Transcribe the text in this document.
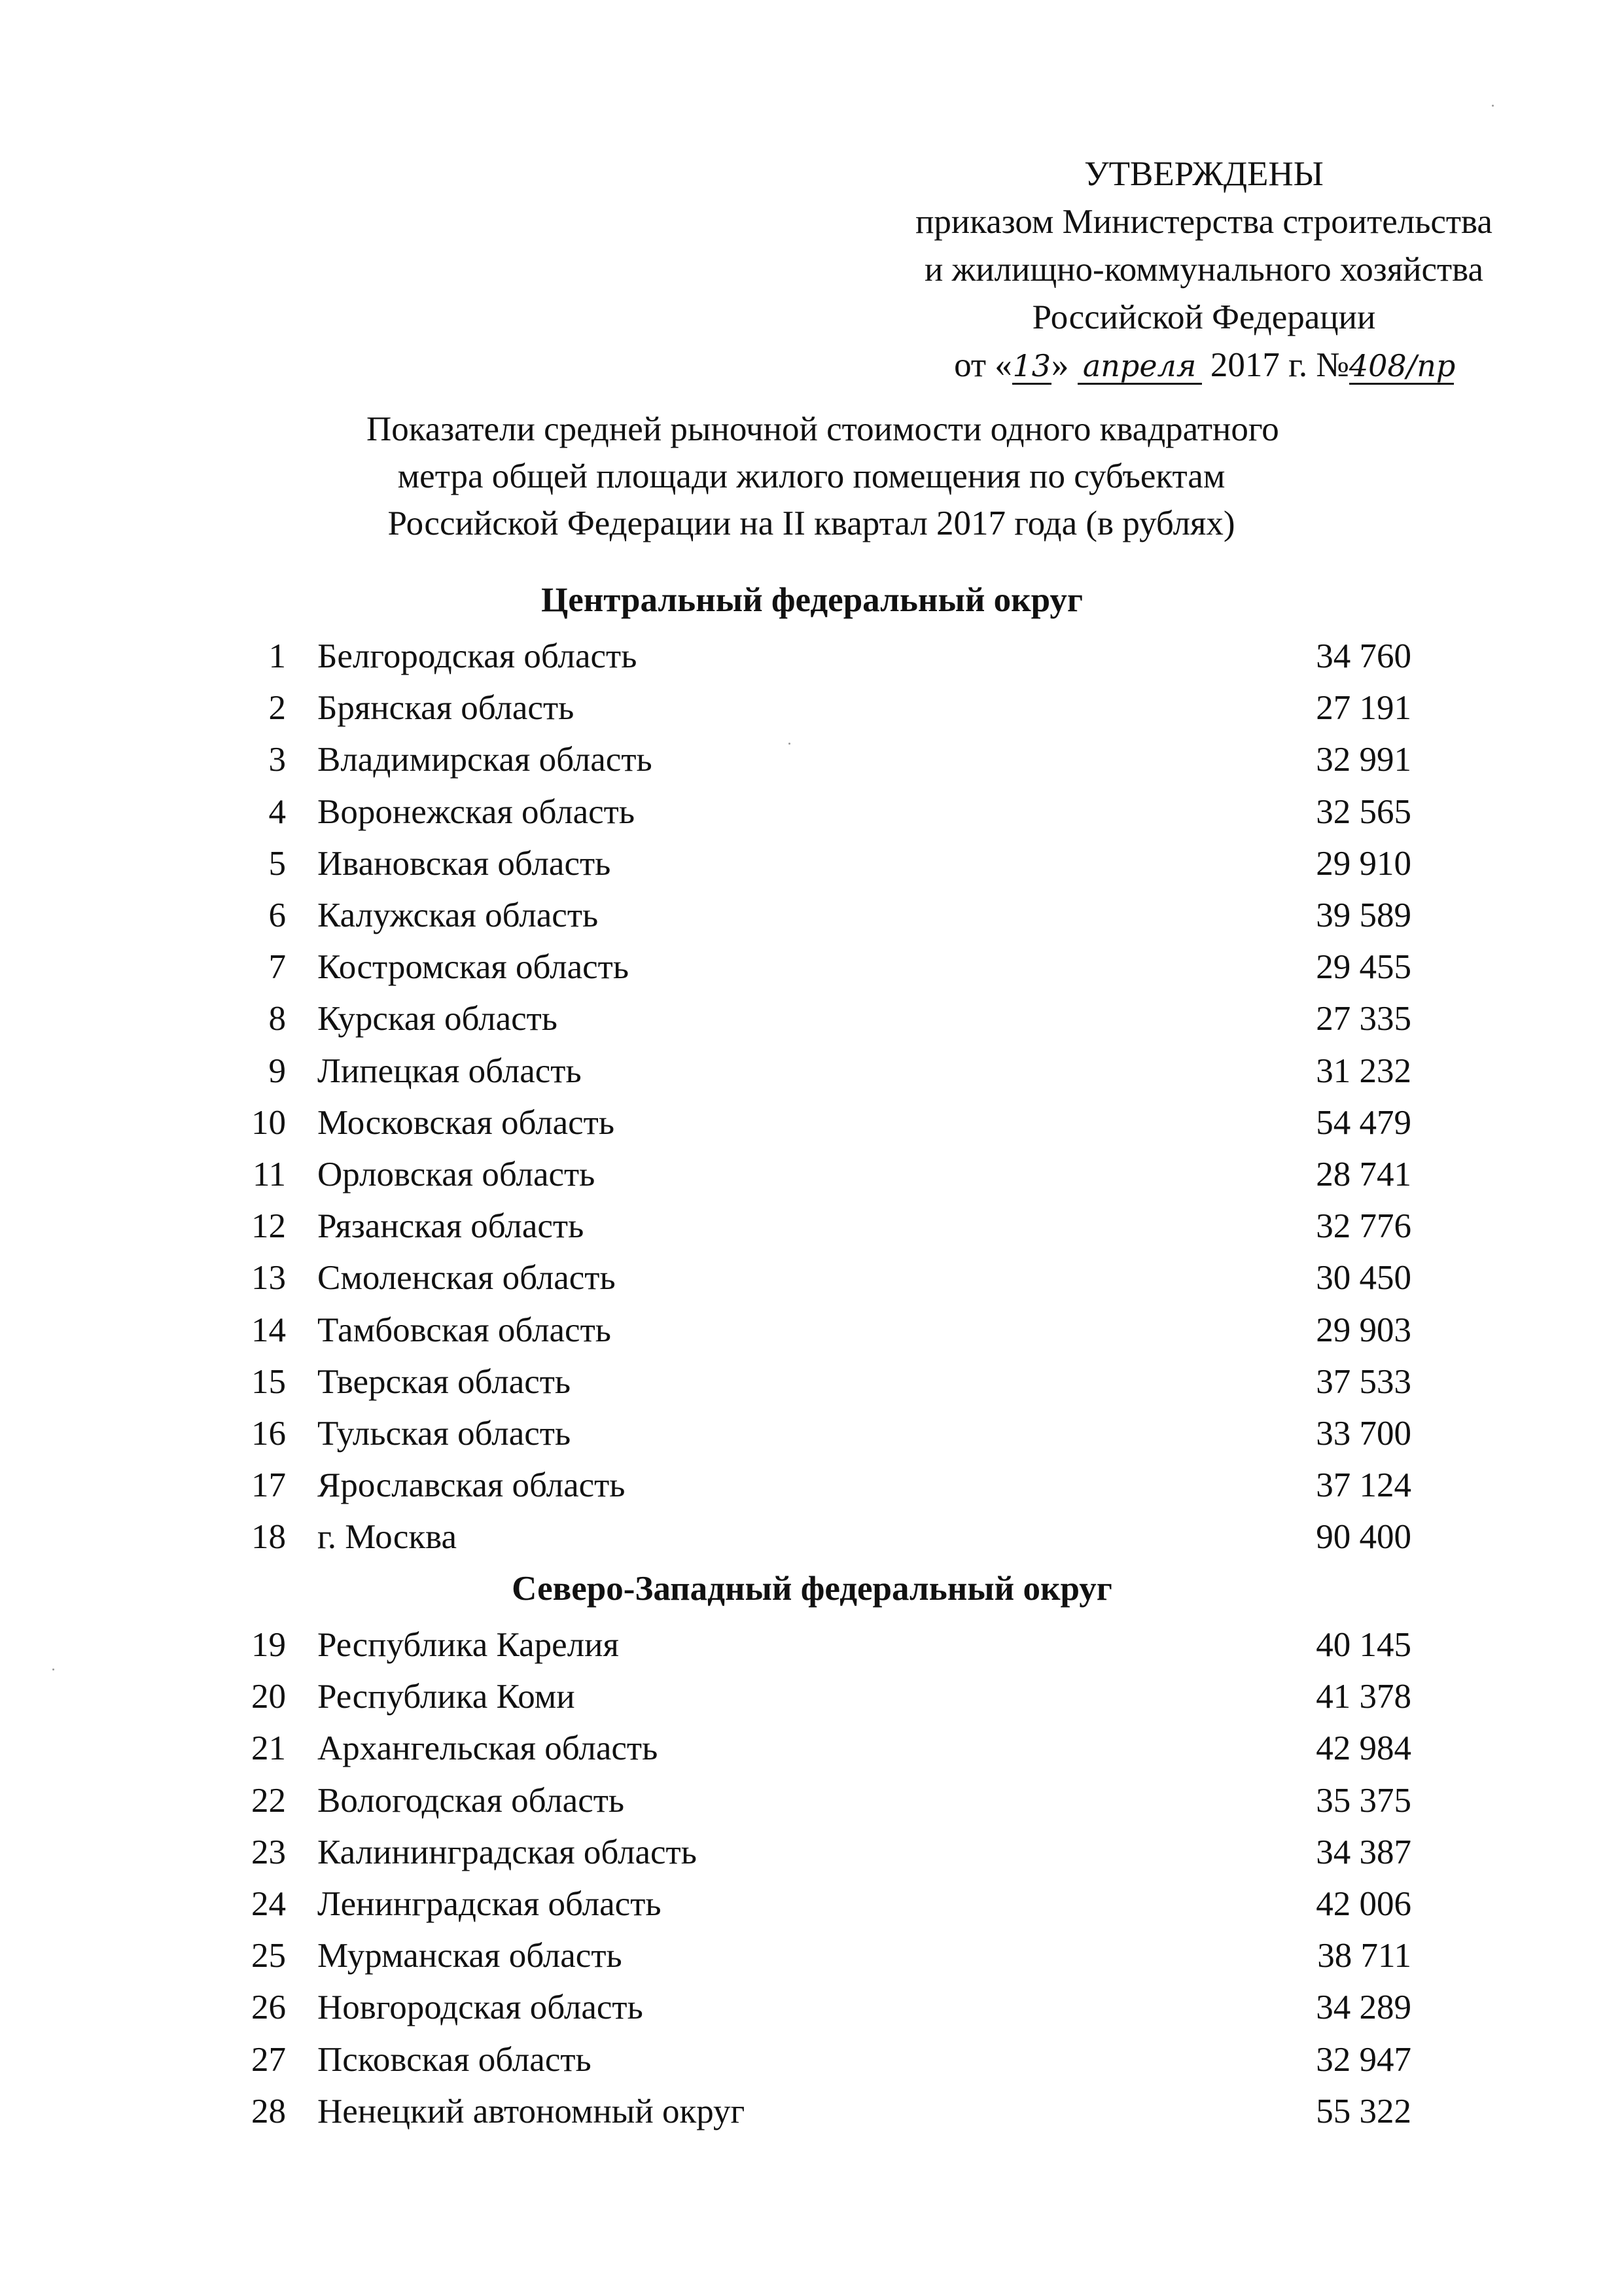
УТВЕРЖДЕНЫ
приказом Министерства строительства
и жилищно-коммунального хозяйства
Российской Федерации
от «13» апреля 2017 г. №408/пр
Показатели средней рыночной стоимости одного квадратного
метра общей площади жилого помещения по субъектам
Российской Федерации на II квартал 2017 года (в рублях)
Центральный федеральный округ
1 Белгородская область	34 760
2 Брянская область	27 191
3 Владимирская область	32 991
4 Воронежская область	32 565
5 Ивановская область	29 910
6 Калужская область	39 589
7 Костромская область	29 455
8 Курская область	27 335
9 Липецкая область	31 232
10 Московская область	54 479
11 Орловская область	28 741
12 Рязанская область	32 776
13 Смоленская область	30 450
14 Тамбовская область	29 903
15 Тверская область	37 533
16 Тульская область	33 700
17 Ярославская область	37 124
18 г. Москва	90 400
Северо-Западный федеральный округ
19 Республика Карелия	40 145
20 Республика Коми	41 378
21 Архангельская область	42 984
22 Вологодская область	35 375
23 Калининградская область	34 387
24 Ленинградская область	42 006
25 Мурманская область	38 711
26 Новгородская область	34 289
27 Псковская область	32 947
28 Ненецкий автономный округ	55 322
